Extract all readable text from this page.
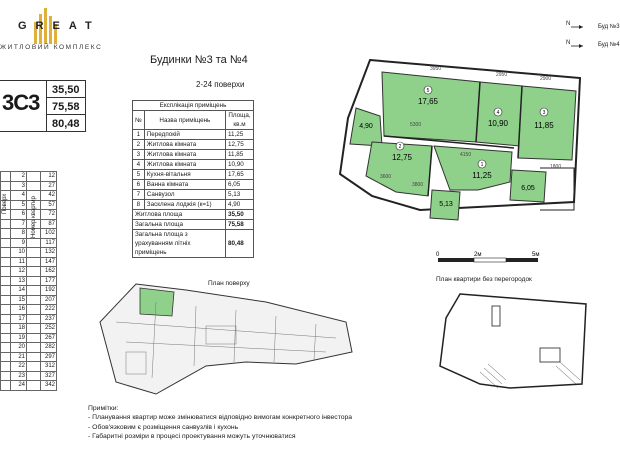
GREAT
ЖИТЛОВИЙ КОМПЛЕКС
3С3 35,50
75,58
80,48
Будинки №3 та №4
2-24 поверхи
Експлікація приміщень		
№	Назва приміщень	Площа, кв.м
1	Передпокій	11,25
2	Житлова кімната	12,75
3	Житлова кімната	11,85
4	Житлова кімната	10,90
5	Кухня-вітальня	17,65
6	Ванна кімната	6,05
7	Санвузол	5,13
8	Засклена лоджія (к=1)	4,90
Житлова площа		35,50
Загальна площа		75,58
Загальна площа з урахуванням літніх приміщень		80,48
	2		12
	3		27
	4		42
	5		57
	6		72
	7		87
	8		102
	9		117
	10		132
	11		147
	12		162
	13		177
	14		192
	15		207
	16		222
	17		237
	18		252
	19		267
	20		282
	21		297
	22		312
	23		327
	24		342
Поверх	Номер квартир
N	Буд №3
N	Буд №4
5
17,65
4
10,90
3
11,85
4,90
2
12,75
1
11,25
5,13
6,05
3950
2950
2900
4150
1800
5300
3800
3600
0	2м	5м
План поверху
План квартири без перегородок
Примітки:
- Планування квартир може змінюватися відповідно вимогам конкретного інвестора
- Обов'язковим є розміщення санвузлів і кухонь
- Габаритні розміри в процесі проектування можуть уточнюватися
